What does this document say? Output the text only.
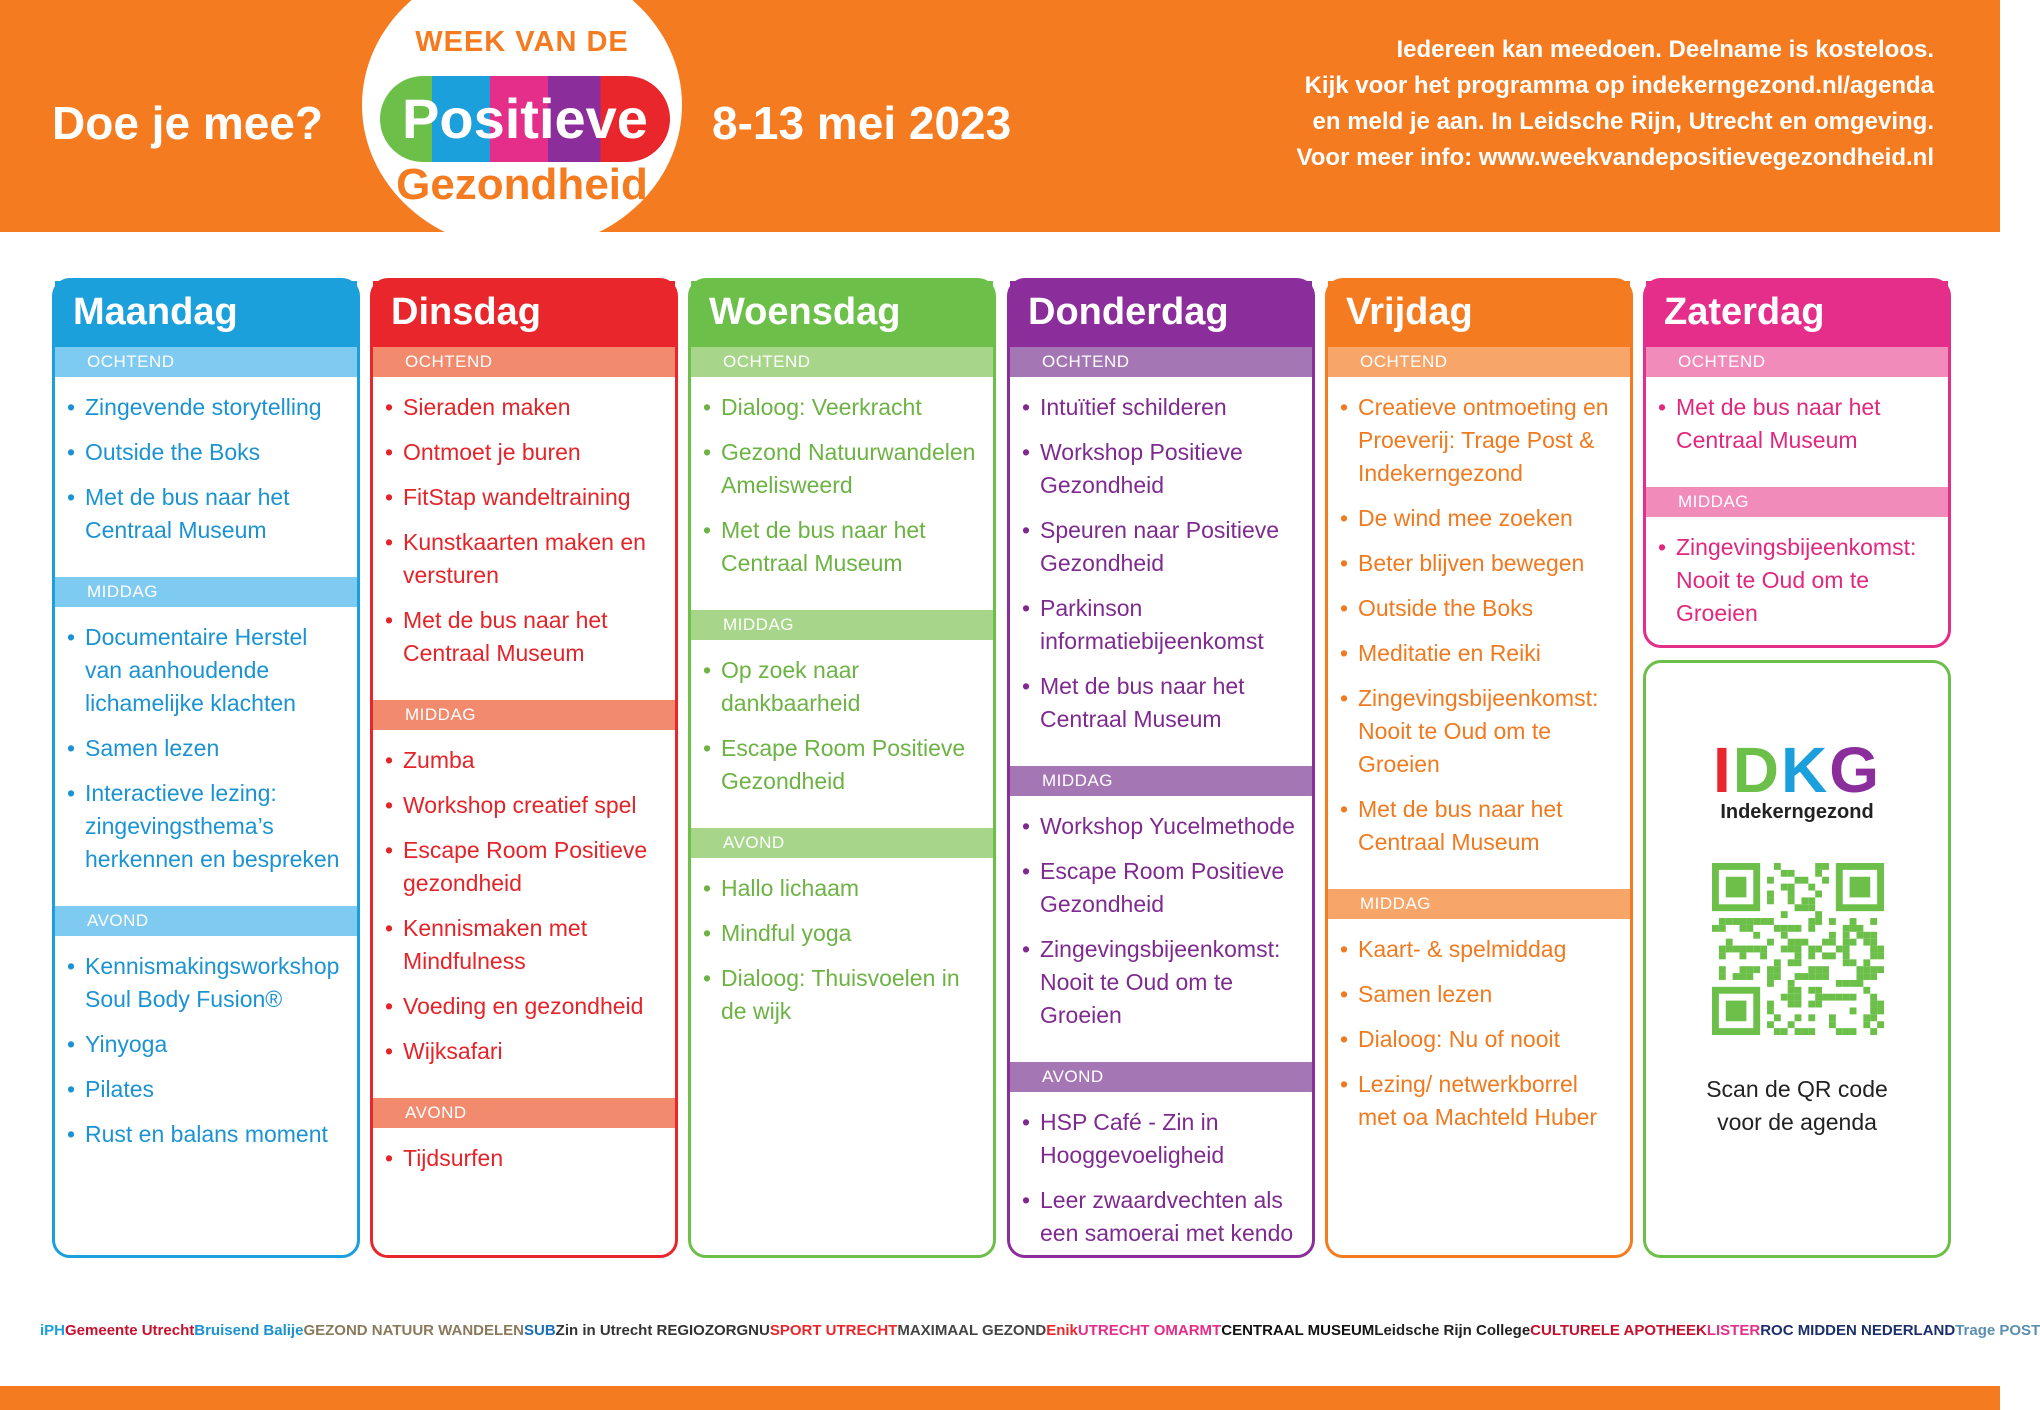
Doe je mee?
WEEK VAN DE
Positieve
Gezondheid
8-13 mei 2023
Iedereen kan meedoen. Deelname is kosteloos.
Kijk voor het programma op indekerngezond.nl/agenda
en meld je aan. In Leidsche Rijn, Utrecht en omgeving.
Voor meer info: www.weekvandepositievegezondheid.nl
Maandag
OCHTEND
• Zingevende storytelling
• Outside the Boks
• Met de bus naar het Centraal Museum
MIDDAG
• Documentaire Herstel van aanhoudende lichamelijke klachten
• Samen lezen
• Interactieve lezing: zingevingsthema’s herkennen en bespreken
AVOND
• Kennismakingsworkshop Soul Body Fusion®
• Yinyoga
• Pilates
• Rust en balans moment
Dinsdag
OCHTEND
• Sieraden maken
• Ontmoet je buren
• FitStap wandeltraining
• Kunstkaarten maken en versturen
• Met de bus naar het Centraal Museum
MIDDAG
• Zumba
• Workshop creatief spel
• Escape Room Positieve gezondheid
• Kennismaken met Mindfulness
• Voeding en gezondheid
• Wijksafari
AVOND
• Tijdsurfen
Woensdag
OCHTEND
• Dialoog: Veerkracht
• Gezond Natuurwandelen Amelisweerd
• Met de bus naar het Centraal Museum
MIDDAG
• Op zoek naar dankbaarheid
• Escape Room Positieve Gezondheid
AVOND
• Hallo lichaam
• Mindful yoga
• Dialoog: Thuisvoelen in de wijk
Donderdag
OCHTEND
• Intuïtief schilderen
• Workshop Positieve Gezondheid
• Speuren naar Positieve Gezondheid
• Parkinson informatiebijeenkomst
• Met de bus naar het Centraal Museum
MIDDAG
• Workshop Yucelmethode
• Escape Room Positieve Gezondheid
• Zingevingsbijeenkomst: Nooit te Oud om te Groeien
AVOND
• HSP Café - Zin in Hooggevoeligheid
• Leer zwaardvechten als een samoerai met kendo
Vrijdag
OCHTEND
• Creatieve ontmoeting en Proeverij: Trage Post & Indekerngezond
• De wind mee zoeken
• Beter blijven bewegen
• Outside the Boks
• Meditatie en Reiki
• Zingevingsbijeenkomst: Nooit te Oud om te Groeien
• Met de bus naar het Centraal Museum
MIDDAG
• Kaart- & spelmiddag
• Samen lezen
• Dialoog: Nu of nooit
• Lezing/ netwerkborrel met oa Machteld Huber
Zaterdag
OCHTEND
• Met de bus naar het Centraal Museum
MIDDAG
• Zingevingsbijeenkomst: Nooit te Oud om te Groeien
IDKG
Indekerngezond
Scan de QR code
voor de agenda
iPH Gemeente Utrecht Bruisend Balije GEZOND NATUUR WANDELEN SUB Zin in Utrecht REGIOZORGNU SPORT UTRECHT MAXIMAAL GEZOND Enik UTRECHT OMARMT CENTRAAL MUSEUM Leidsche Rijn College CULTURELE APOTHEEK LISTER ROC MIDDEN NEDERLAND Trage POST
